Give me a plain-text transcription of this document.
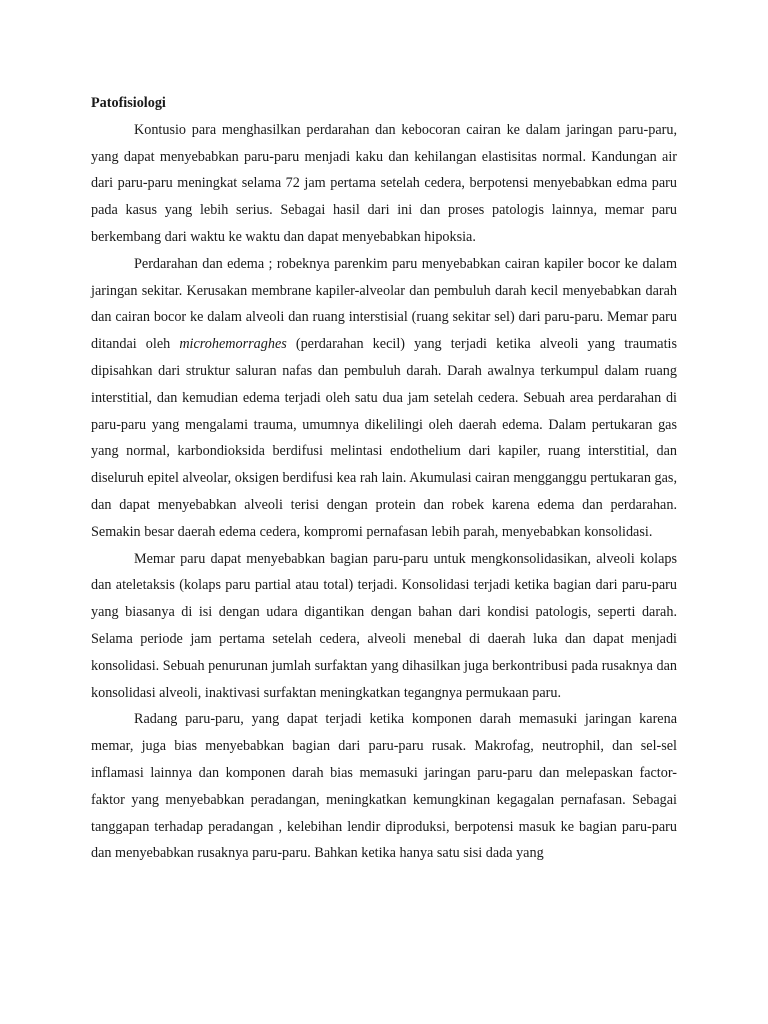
Patofisiologi

Kontusio para menghasilkan perdarahan dan kebocoran cairan ke dalam jaringan paru-paru, yang dapat menyebabkan paru-paru menjadi kaku dan kehilangan elastisitas normal. Kandungan air dari paru-paru meningkat selama 72 jam pertama setelah cedera, berpotensi menyebabkan edma paru pada kasus yang lebih serius. Sebagai hasil dari ini dan proses patologis lainnya, memar paru berkembang dari waktu ke waktu dan dapat menyebabkan hipoksia.

Perdarahan dan edema ; robeknya parenkim paru menyebabkan cairan kapiler bocor ke dalam jaringan sekitar. Kerusakan membrane kapiler-alveolar dan pembuluh darah kecil menyebabkan darah dan cairan bocor ke dalam alveoli dan ruang interstisial (ruang sekitar sel) dari paru-paru. Memar paru ditandai oleh microhemorraghes (perdarahan kecil) yang terjadi ketika alveoli yang traumatis dipisahkan dari struktur saluran nafas dan pembuluh darah. Darah awalnya terkumpul dalam ruang interstitial, dan kemudian edema terjadi oleh satu dua jam setelah cedera. Sebuah area perdarahan di paru-paru yang mengalami trauma, umumnya dikelilingi oleh daerah edema. Dalam pertukaran gas yang normal, karbondioksida berdifusi melintasi endothelium dari kapiler, ruang interstitial, dan diseluruh epitel alveolar, oksigen berdifusi kea rah lain. Akumulasi cairan mengganggu pertukaran gas, dan dapat menyebabkan alveoli terisi dengan protein dan robek karena edema dan perdarahan. Semakin besar daerah edema cedera, kompromi pernafasan lebih parah, menyebabkan konsolidasi.

Memar paru dapat menyebabkan bagian paru-paru untuk mengkonsolidasikan, alveoli kolaps dan ateletaksis (kolaps paru partial atau total) terjadi. Konsolidasi terjadi ketika bagian dari paru-paru yang biasanya di isi dengan udara digantikan dengan bahan dari kondisi patologis, seperti darah. Selama periode jam pertama setelah cedera, alveoli menebal di daerah luka dan dapat menjadi konsolidasi. Sebuah penurunan jumlah surfaktan yang dihasilkan juga berkontribusi pada rusaknya dan konsolidasi alveoli, inaktivasi surfaktan meningkatkan tegangnya permukaan paru.

Radang paru-paru, yang dapat terjadi ketika komponen darah memasuki jaringan karena memar, juga bias menyebabkan bagian dari paru-paru rusak. Makrofag, neutrophil, dan sel-sel inflamasi lainnya dan komponen darah bias memasuki jaringan paru-paru dan melepaskan factor-faktor yang menyebabkan peradangan, meningkatkan kemungkinan kegagalan pernafasan. Sebagai tanggapan terhadap peradangan , kelebihan lendir diproduksi, berpotensi masuk ke bagian paru-paru dan menyebabkan rusaknya paru-paru. Bahkan ketika hanya satu sisi dada yang
